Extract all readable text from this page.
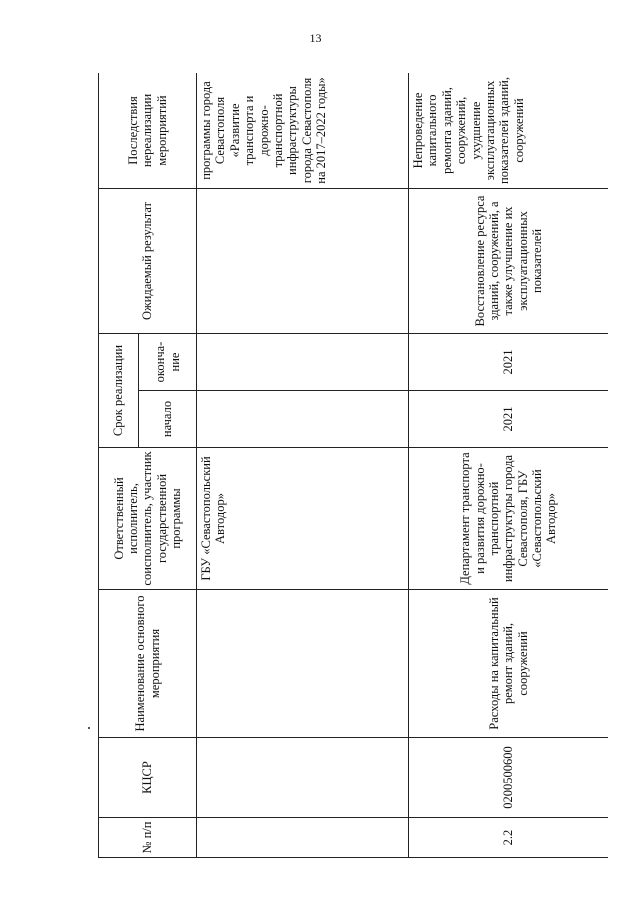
13
№ п/п	КЦСР	Наименование основного мероприятия	Ответственный исполнитель, соисполнитель, участник государственной программы	Срок реализации		Ожидаемый результат	Последствия нереализации мероприятий
				начало	оконча-ние		
			ГБУ «Севастопольский Автодор»				программы города Севастополя «Развитие транспорта и дорожно-транспортной инфраструктуры города Севастополя на 2017–2022 годы»
2.2	0200500600	Расходы на капитальный ремонт зданий, сооружений	Департамент транспорта и развития дорожно-транспортной инфраструктуры города Севастополя, ГБУ «Севастопольский Автодор»	2021	2021	Восстановление ресурса зданий, сооружений, а также улучшение их эксплуатационных показателей	Непроведение капитального ремонта зданий, сооружений, ухудшение эксплуатационных показателей зданий, сооружений
